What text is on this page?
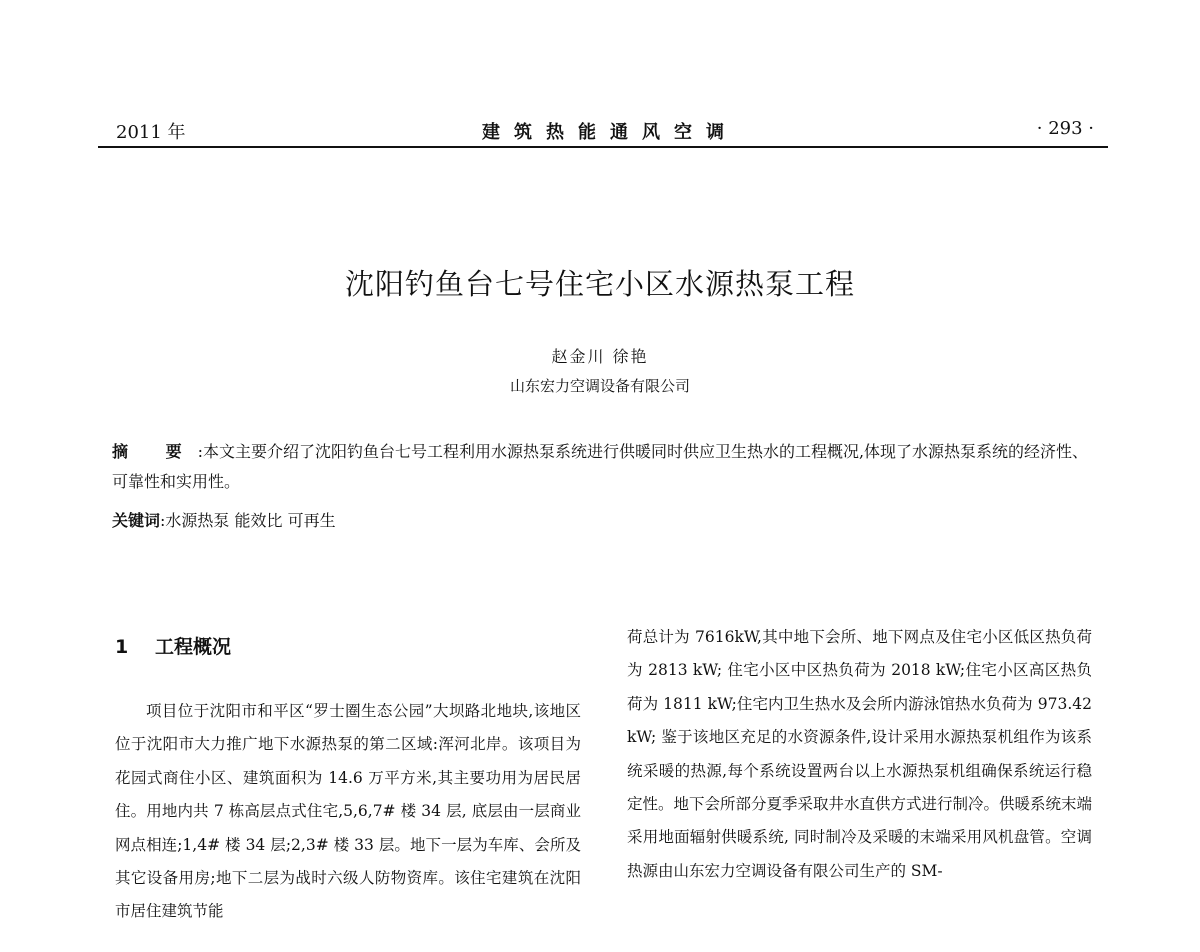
2011 年	建筑热能通风空调	· 293 ·
沈阳钓鱼台七号住宅小区水源热泵工程
赵金川 徐艳
山东宏力空调设备有限公司
摘 要:本文主要介绍了沈阳钓鱼台七号工程利用水源热泵系统进行供暖同时供应卫生热水的工程概况,体现了水源热泵系统的经济性、可靠性和实用性。
关键词:水源热泵 能效比 可再生
1 工程概况
项目位于沈阳市和平区“罗士圈生态公园”大坝路北地块,该地区位于沈阳市大力推广地下水源热泵的第二区域:浑河北岸。该项目为花园式商住小区、建筑面积为 14.6 万平方米,其主要功用为居民居住。用地内共 7 栋高层点式住宅,5,6,7# 楼 34 层, 底层由一层商业网点相连;1,4# 楼 34 层;2,3# 楼 33 层。地下一层为车库、会所及其它设备用房;地下二层为战时六级人防物资库。该住宅建筑在沈阳市居住建筑节能
荷总计为 7616kW,其中地下会所、地下网点及住宅小区低区热负荷为 2813 kW; 住宅小区中区热负荷为 2018 kW;住宅小区高区热负荷为 1811 kW;住宅内卫生热水及会所内游泳馆热水负荷为 973.42 kW; 鉴于该地区充足的水资源条件,设计采用水源热泵机组作为该系统采暖的热源,每个系统设置两台以上水源热泵机组确保系统运行稳定性。地下会所部分夏季采取井水直供方式进行制冷。供暖系统末端采用地面辐射供暖系统, 同时制冷及采暖的末端采用风机盘管。空调热源由山东宏力空调设备有限公司生产的 SM-
